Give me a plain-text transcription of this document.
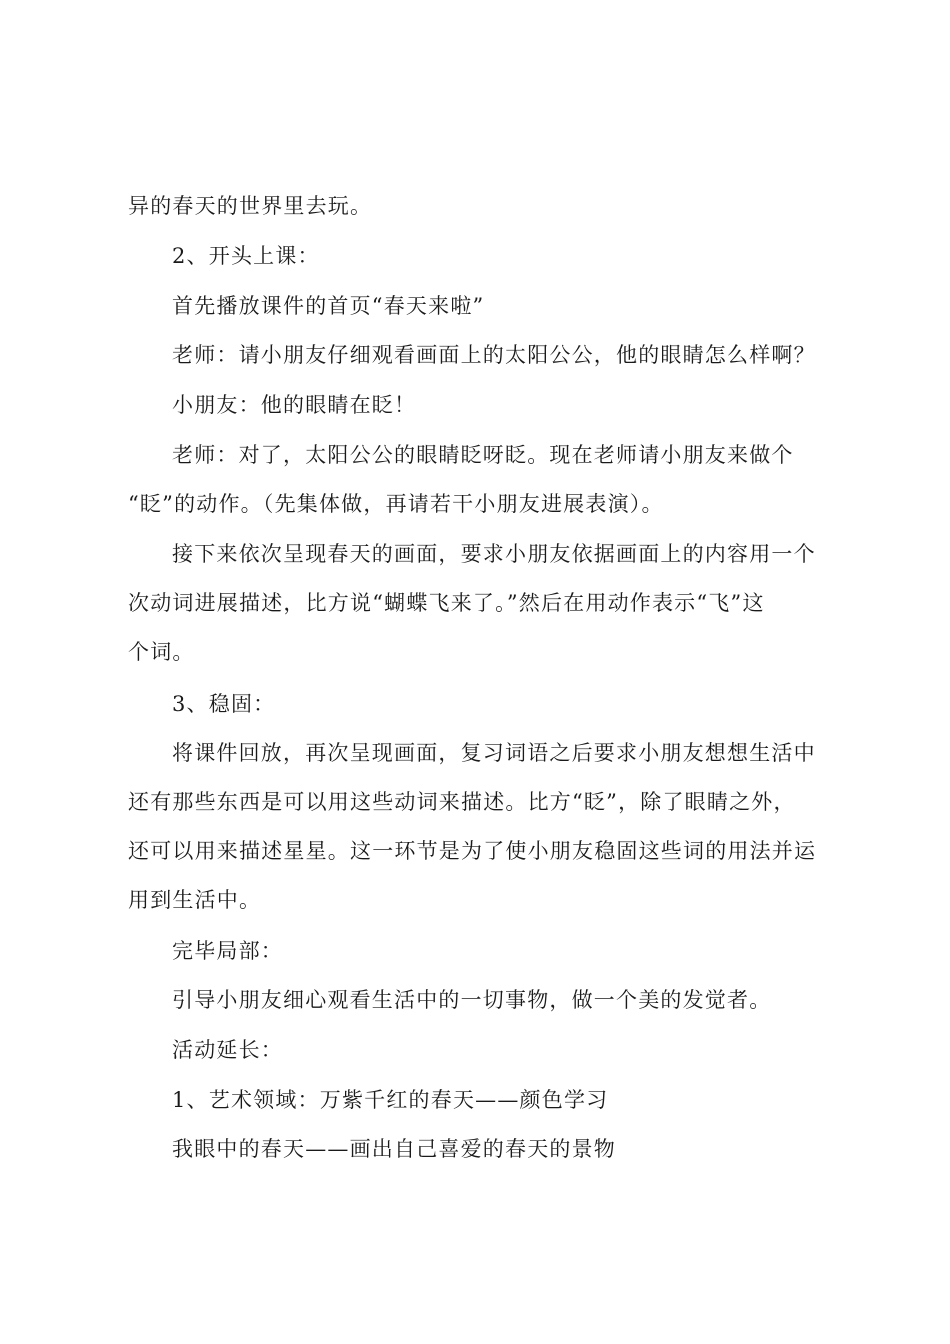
异的春天的世界里去玩。

2、开头上课：

首先播放课件的首页“春天来啦”

老师：请小朋友仔细观看画面上的太阳公公，他的眼睛怎么样啊？

小朋友：他的眼睛在眨！

老师：对了，太阳公公的眼睛眨呀眨。现在老师请小朋友来做个
“眨”的动作。（先集体做，再请若干小朋友进展表演）。

接下来依次呈现春天的画面，要求小朋友依据画面上的内容用一个
次动词进展描述，比方说“蝴蝶飞来了。”然后在用动作表示“飞”这
个词。

3、稳固：

将课件回放，再次呈现画面，复习词语之后要求小朋友想想生活中
还有那些东西是可以用这些动词来描述。比方“眨”，除了眼睛之外，
还可以用来描述星星。这一环节是为了使小朋友稳固这些词的用法并运
用到生活中。

完毕局部：

引导小朋友细心观看生活中的一切事物，做一个美的发觉者。

活动延长：

1、艺术领域：万紫千红的春天——颜色学习

我眼中的春天——画出自己喜爱的春天的景物
